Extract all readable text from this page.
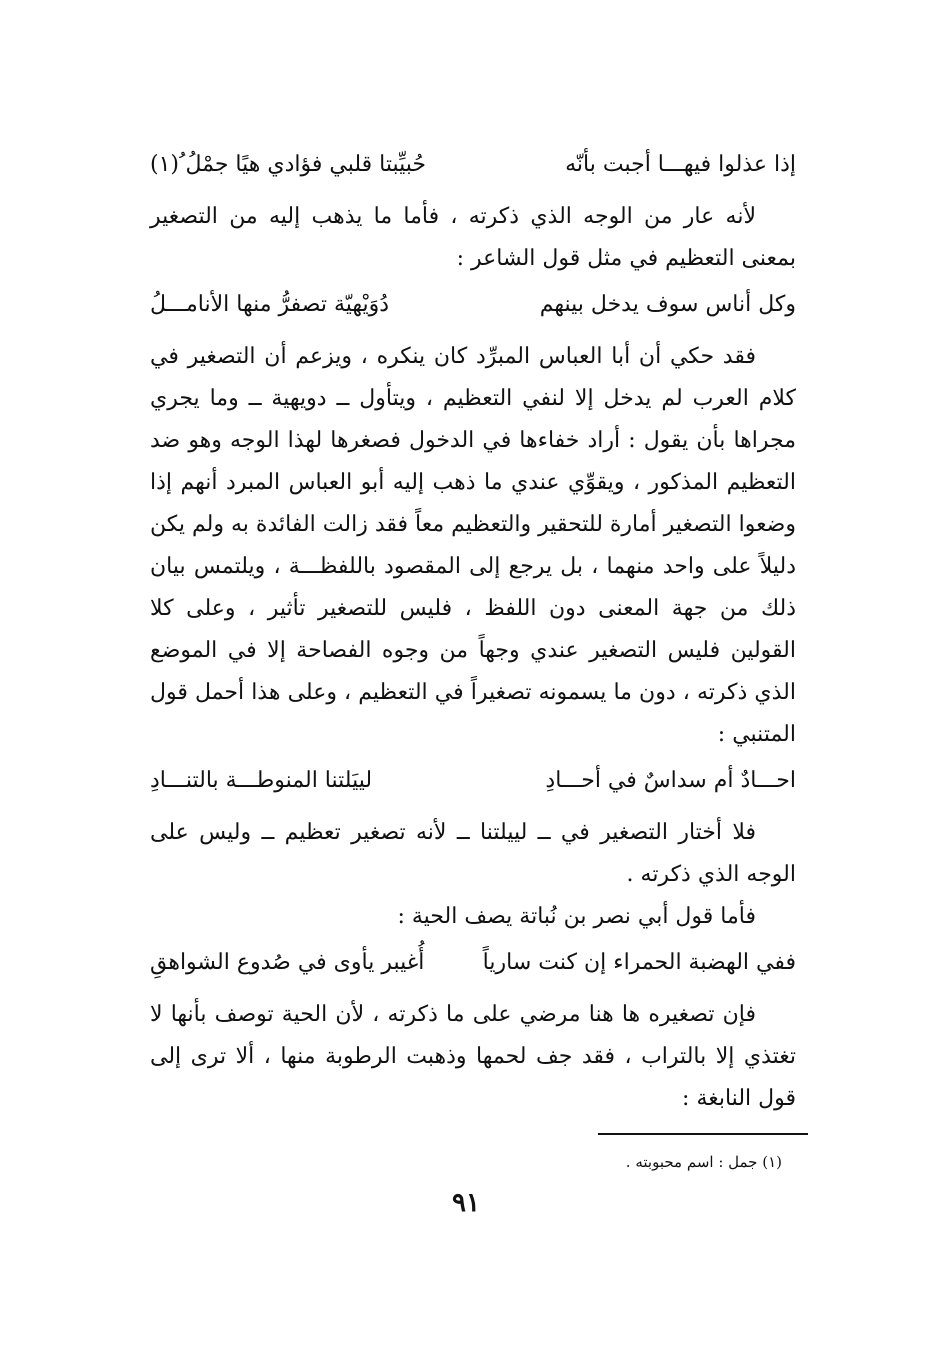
إذا عذلوا فيهـــا أجبت بأنّه
حُبيِّبتا قلبي فؤادي هيًا جمْلُ ُ(١)

لأنه عار من الوجه الذي ذكرته ، فأما ما يذهب إليه من التصغير بمعنى التعظيم في مثل قول الشاعر :

وكل أناس سوف يدخل بينهم
دُوَيْهيّة تصفرُّ منها الأنامـــلُ

فقد حكي أن أبا العباس المبرِّد كان ينكره ، ويزعم أن التصغير في كلام العرب لم يدخل إلا لنفي التعظيم ، ويتأول ــ دويهية ــ وما يجري مجراها بأن يقول : أراد خفاءها في الدخول فصغرها لهذا الوجه وهو ضد التعظيم المذكور ، ويقوِّي عندي ما ذهب إليه أبو العباس المبرد أنهم إذا وضعوا التصغير أمارة للتحقير والتعظيم معاً فقد زالت الفائدة به ولم يكن دليلاً على واحد منهما ، بل يرجع إلى المقصود باللفظـــة ، ويلتمس بيان ذلك من جهة المعنى دون اللفظ ، فليس للتصغير تأثير ، وعلى كلا القولين فليس التصغير عندي وجهاً من وجوه الفصاحة إلا في الموضع الذي ذكرته ، دون ما يسمونه تصغيراً في التعظيم ، وعلى هذا أحمل قول المتنبي :

احـــادٌ أم سداسٌ في أحـــادِ
لييَلتنا المنوطـــة بالتنـــادِ

فلا أختار التصغير في ــ لييلتنا ــ لأنه تصغير تعظيم ــ وليس على الوجه الذي ذكرته .

فأما قول أبي نصر بن نُباتة يصف الحية :

ففي الهضبة الحمراء إن كنت سارياً
أُغيبر يأوى في صُدوع الشواهقِ

فإن تصغيره ها هنا مرضي على ما ذكرته ، لأن الحية توصف بأنها لا تغتذي إلا بالتراب ، فقد جف لحمها وذهبت الرطوبة منها ، ألا ترى إلى قول النابغة :

(١) جمل : اسم محبوبته .
٩١
